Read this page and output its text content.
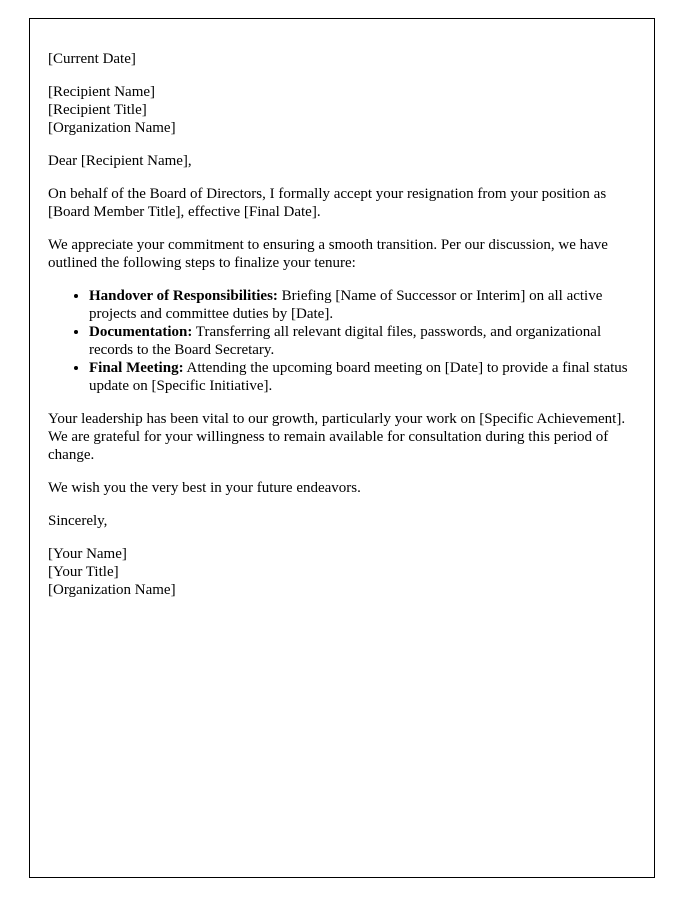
[Current Date]

[Recipient Name]

[Recipient Title]

[Organization Name]

Dear [Recipient Name],

On behalf of the Board of Directors, I formally accept your resignation from your position as [Board Member Title], effective [Final Date].

We appreciate your commitment to ensuring a smooth transition. Per our discussion, we have outlined the following steps to finalize your tenure:

• Handover of Responsibilities: Briefing [Name of Successor or Interim] on all active projects and committee duties by [Date].
• Documentation: Transferring all relevant digital files, passwords, and organizational records to the Board Secretary.
• Final Meeting: Attending the upcoming board meeting on [Date] to provide a final status update on [Specific Initiative].

Your leadership has been vital to our growth, particularly your work on [Specific Achievement]. We are grateful for your willingness to remain available for consultation during this period of change.

We wish you the very best in your future endeavors.

Sincerely,

[Your Name]

[Your Title]

[Organization Name]
